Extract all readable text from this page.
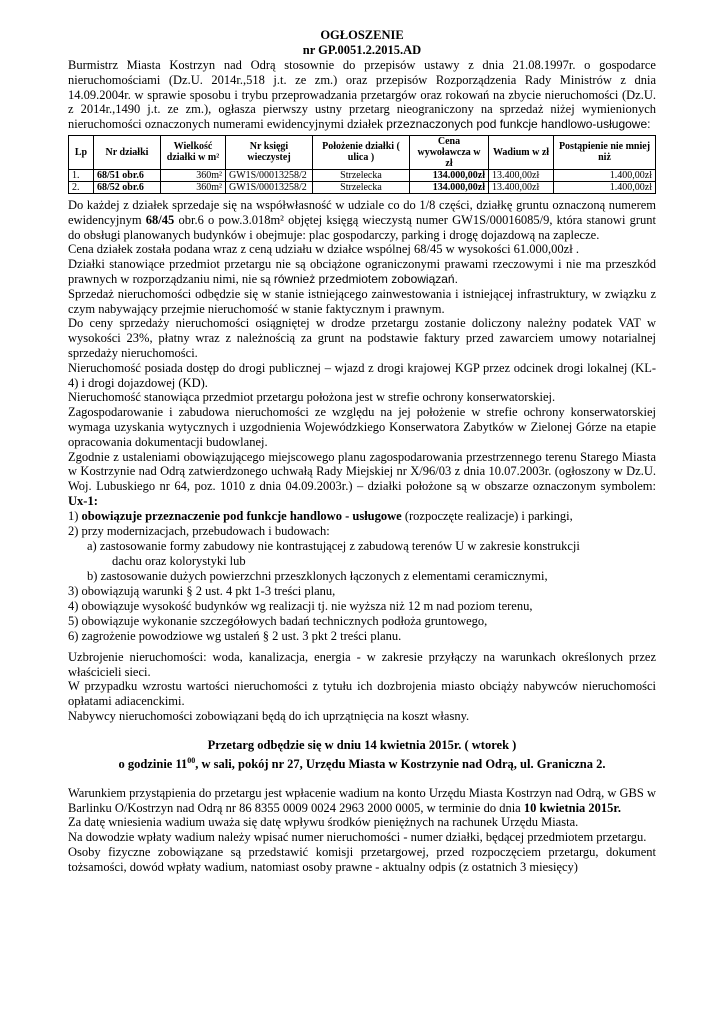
OGŁOSZENIE
nr GP.0051.2.2015.AD

Burmistrz Miasta Kostrzyn nad Odrą stosownie do przepisów ustawy z dnia 21.08.1997r. o gospodarce nieruchomościami (Dz.U. 2014r.,518 j.t. ze zm.) oraz przepisów Rozporządzenia Rady Ministrów z dnia 14.09.2004r. w sprawie sposobu i trybu przeprowadzania przetargów oraz rokowań na zbycie nieruchomości (Dz.U. z 2014r.,1490 j.t. ze zm.), ogłasza pierwszy ustny przetarg nieograniczony na sprzedaż niżej wymienionych nieruchomości oznaczonych numerami ewidencyjnymi działek przeznaczonych pod funkcje handlowo-usługowe:

Lp	Nr działki	Wielkość działki w m²	Nr księgi wieczystej	Położenie działki ( ulica )	Cena wywoławcza w zł	Wadium w zł	Postąpienie nie mniej niż
1.	68/51 obr.6	360m²	GW1S/00013258/2	Strzelecka	134.000,00zł	13.400,00zł	1.400,00zł
2.	68/52 obr.6	360m²	GW1S/00013258/2	Strzelecka	134.000,00zł	13.400,00zł	1.400,00zł

Do każdej z działek sprzedaje się na współwłasność w udziale co do 1/8 części, działkę gruntu oznaczoną numerem ewidencyjnym 68/45 obr.6 o pow.3.018m² objętej księgą wieczystą numer GW1S/00016085/9, która stanowi grunt do obsługi planowanych budynków i obejmuje: plac gospodarczy, parking i drogę dojazdową na zaplecze.

Cena działek została podana wraz z ceną udziału w działce wspólnej 68/45 w wysokości 61.000,00zł .

Działki stanowiące przedmiot przetargu nie są obciążone ograniczonymi prawami rzeczowymi i nie ma przeszkód prawnych w rozporządzaniu nimi, nie są również przedmiotem zobowiązań.

Sprzedaż nieruchomości odbędzie się w stanie istniejącego zainwestowania i istniejącej infrastruktury, w związku z czym nabywający przejmie nieruchomość w stanie faktycznym i prawnym.

Do ceny sprzedaży nieruchomości osiągniętej w drodze przetargu zostanie doliczony należny podatek VAT w wysokości 23%, płatny wraz z należnością za grunt na podstawie faktury przed zawarciem umowy notarialnej sprzedaży nieruchomości.

Nieruchomość posiada dostęp do drogi publicznej – wjazd z drogi krajowej KGP przez odcinek drogi lokalnej (KL-4) i drogi dojazdowej (KD).

Nieruchomość stanowiąca przedmiot przetargu położona jest w strefie ochrony konserwatorskiej.

Zagospodarowanie i zabudowa nieruchomości ze względu na jej położenie w strefie ochrony konserwatorskiej wymaga uzyskania wytycznych i uzgodnienia Wojewódzkiego Konserwatora Zabytków w Zielonej Górze na etapie opracowania dokumentacji budowlanej.

Zgodnie z ustaleniami obowiązującego miejscowego planu zagospodarowania przestrzennego terenu Starego Miasta w Kostrzynie nad Odrą zatwierdzonego uchwałą Rady Miejskiej nr X/96/03 z dnia 10.07.2003r. (ogłoszony w Dz.U. Woj. Lubuskiego nr 64, poz. 1010 z dnia 04.09.2003r.) – działki położone są w obszarze oznaczonym symbolem: Ux-1:

1) obowiązuje przeznaczenie pod funkcje handlowo - usługowe (rozpoczęte realizacje) i parkingi,

2) przy modernizacjach, przebudowach i budowach:

a) zastosowanie formy zabudowy nie kontrastującej z zabudową terenów U w zakresie konstrukcji

dachu oraz kolorystyki lub

b) zastosowanie dużych powierzchni przeszklonych łączonych z elementami ceramicznymi,

3) obowiązują warunki § 2 ust. 4 pkt 1-3 treści planu,

4) obowiązuje wysokość budynków wg realizacji tj. nie wyższa niż 12 m nad poziom terenu,

5) obowiązuje wykonanie szczegółowych badań technicznych podłoża gruntowego,

6) zagrożenie powodziowe wg ustaleń § 2 ust. 3 pkt 2 treści planu.

Uzbrojenie nieruchomości: woda, kanalizacja, energia - w zakresie przyłączy na warunkach określonych przez właścicieli sieci.

W przypadku wzrostu wartości nieruchomości z tytułu ich dozbrojenia miasto obciąży nabywców nieruchomości opłatami adiacenckimi.

Nabywcy nieruchomości zobowiązani będą do ich uprzątnięcia na koszt własny.

Przetarg odbędzie się w dniu 14 kwietnia 2015r. ( wtorek )

o godzinie $11^{00}$, w sali, pokój nr 27, Urzędu Miasta w Kostrzynie nad Odrą, ul. Graniczna 2.

Warunkiem przystąpienia do przetargu jest wpłacenie wadium na konto Urzędu Miasta Kostrzyn nad Odrą, w GBS w Barlinku O/Kostrzyn nad Odrą nr 86 8355 0009 0024 2963 2000 0005, w terminie do dnia 10 kwietnia 2015r.

Za datę wniesienia wadium uważa się datę wpływu środków pieniężnych na rachunek Urzędu Miasta.

Na dowodzie wpłaty wadium należy wpisać numer nieruchomości - numer działki, będącej przedmiotem przetargu.

Osoby fizyczne zobowiązane są przedstawić komisji przetargowej, przed rozpoczęciem przetargu, dokument tożsamości, dowód wpłaty wadium, natomiast osoby prawne - aktualny odpis (z ostatnich 3 miesięcy)
